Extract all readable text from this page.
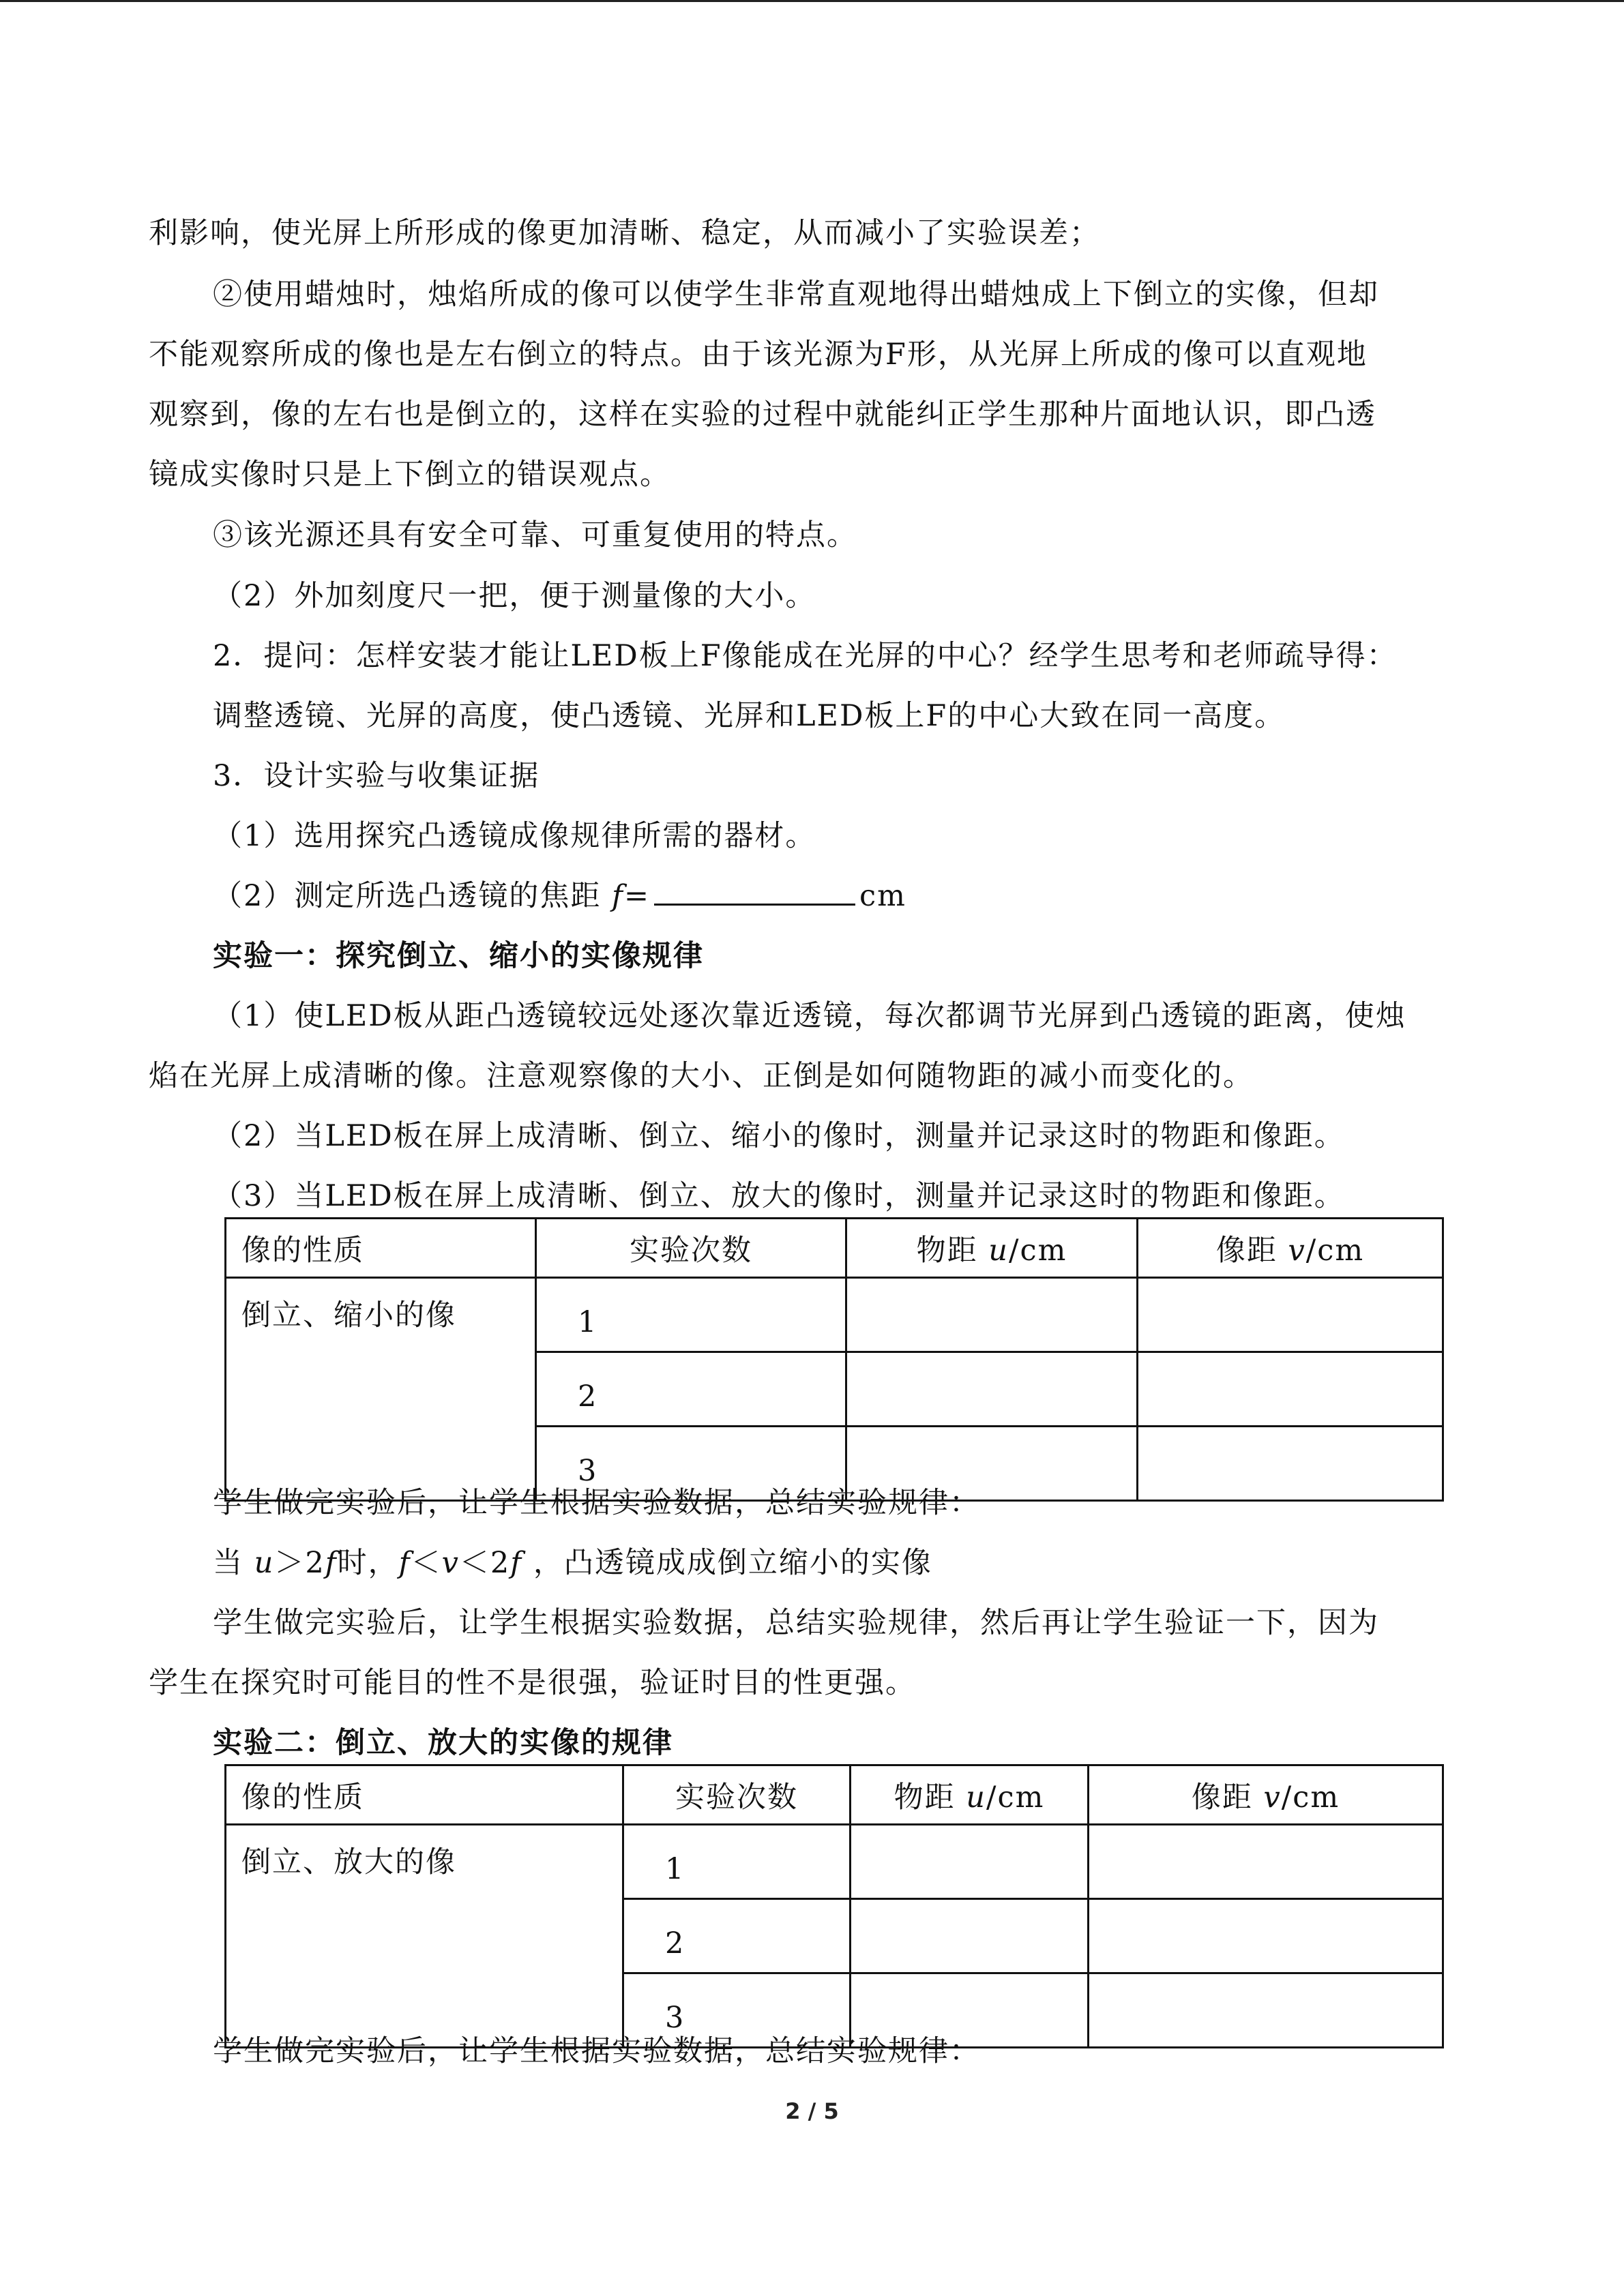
利影响，使光屏上所形成的像更加清晰、稳定，从而减小了实验误差；
②使用蜡烛时，烛焰所成的像可以使学生非常直观地得出蜡烛成上下倒立的实像，但却
不能观察所成的像也是左右倒立的特点。由于该光源为F形，从光屏上所成的像可以直观地
观察到，像的左右也是倒立的，这样在实验的过程中就能纠正学生那种片面地认识，即凸透
镜成实像时只是上下倒立的错误观点。
③该光源还具有安全可靠、可重复使用的特点。
（2）外加刻度尺一把，便于测量像的大小。
2．提问：怎样安装才能让LED板上F像能成在光屏的中心？经学生思考和老师疏导得：
调整透镜、光屏的高度，使凸透镜、光屏和LED板上F的中心大致在同一高度。
3．设计实验与收集证据
（1）选用探究凸透镜成像规律所需的器材。
（2）测定所选凸透镜的焦距 f=	cm
实验一：探究倒立、缩小的实像规律
（1）使LED板从距凸透镜较远处逐次靠近透镜，每次都调节光屏到凸透镜的距离，使烛
焰在光屏上成清晰的像。注意观察像的大小、正倒是如何随物距的减小而变化的。
（2）当LED板在屏上成清晰、倒立、缩小的像时，测量并记录这时的物距和像距。
（3）当LED板在屏上成清晰、倒立、放大的像时，测量并记录这时的物距和像距。
像的性质	实验次数	物距 u/cm	像距 v/cm
倒立、缩小的像	1		
	2		
	3		
学生做完实验后，让学生根据实验数据，总结实验规律：
当 u＞2f时，f＜v＜2f ，凸透镜成成倒立缩小的实像
学生做完实验后，让学生根据实验数据，总结实验规律，然后再让学生验证一下，因为
学生在探究时可能目的性不是很强，验证时目的性更强。
实验二：倒立、放大的实像的规律
像的性质	实验次数	物距 u/cm	像距 v/cm
倒立、放大的像	1		
	2		
	3		
学生做完实验后，让学生根据实验数据，总结实验规律：
2 / 5
